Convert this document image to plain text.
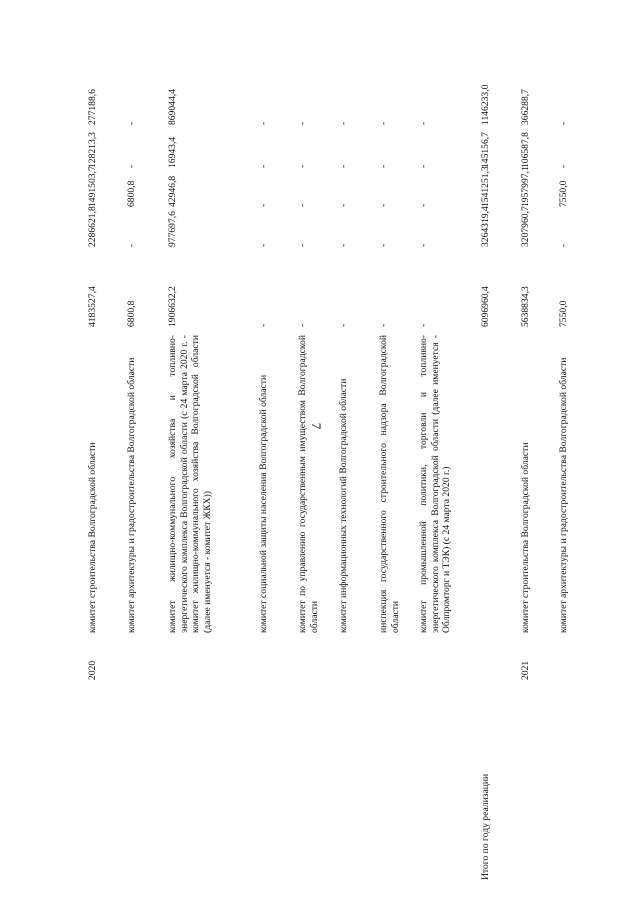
7
2020
комитет строительства Волгоградской области
4183527,4
2286621,8
1491503,7
128213,3
277188,6
комитет архитектуры и градостроительства Волгоградской области
6800,8
-
6800,8
-
-
комитет жилищно-коммунального хозяйства и топливно-энергетического комплекса Волгоградской области (с 24 марта 2020 г. - комитет жилищно-коммунального хозяйства Волгоградской области (далее именуется - комитет ЖКХ))
1906632,2
977697,6
42946,8
16943,4
869044,4
комитет социальной защиты населения Волгоградской области
-
-
-
-
-
комитет по управлению государственным имуществом Волгоградской области
-
-
-
-
-
комитет информационных технологий Волгоградской области
-
-
-
-
-
инспекция государственного строительного надзора Волгоградской области
-
-
-
-
-
комитет промышленной политики, торговли и топливно-энергетического комплекса Волгоградской области (далее именуется - Облпромторг и ТЭК) (с 24 марта 2020 г.)
-
-
-
-
-
Итого по году реализации
6096960,4
3264319,4
1541251,3
145156,7
1146233,0
2021
комитет строительства Волгоградской области
5638834,3
3207960,7
1957997,1
106587,8
366288,7
комитет архитектуры и градостроительства Волгоградской области
7550,0
-
7550,0
-
-
